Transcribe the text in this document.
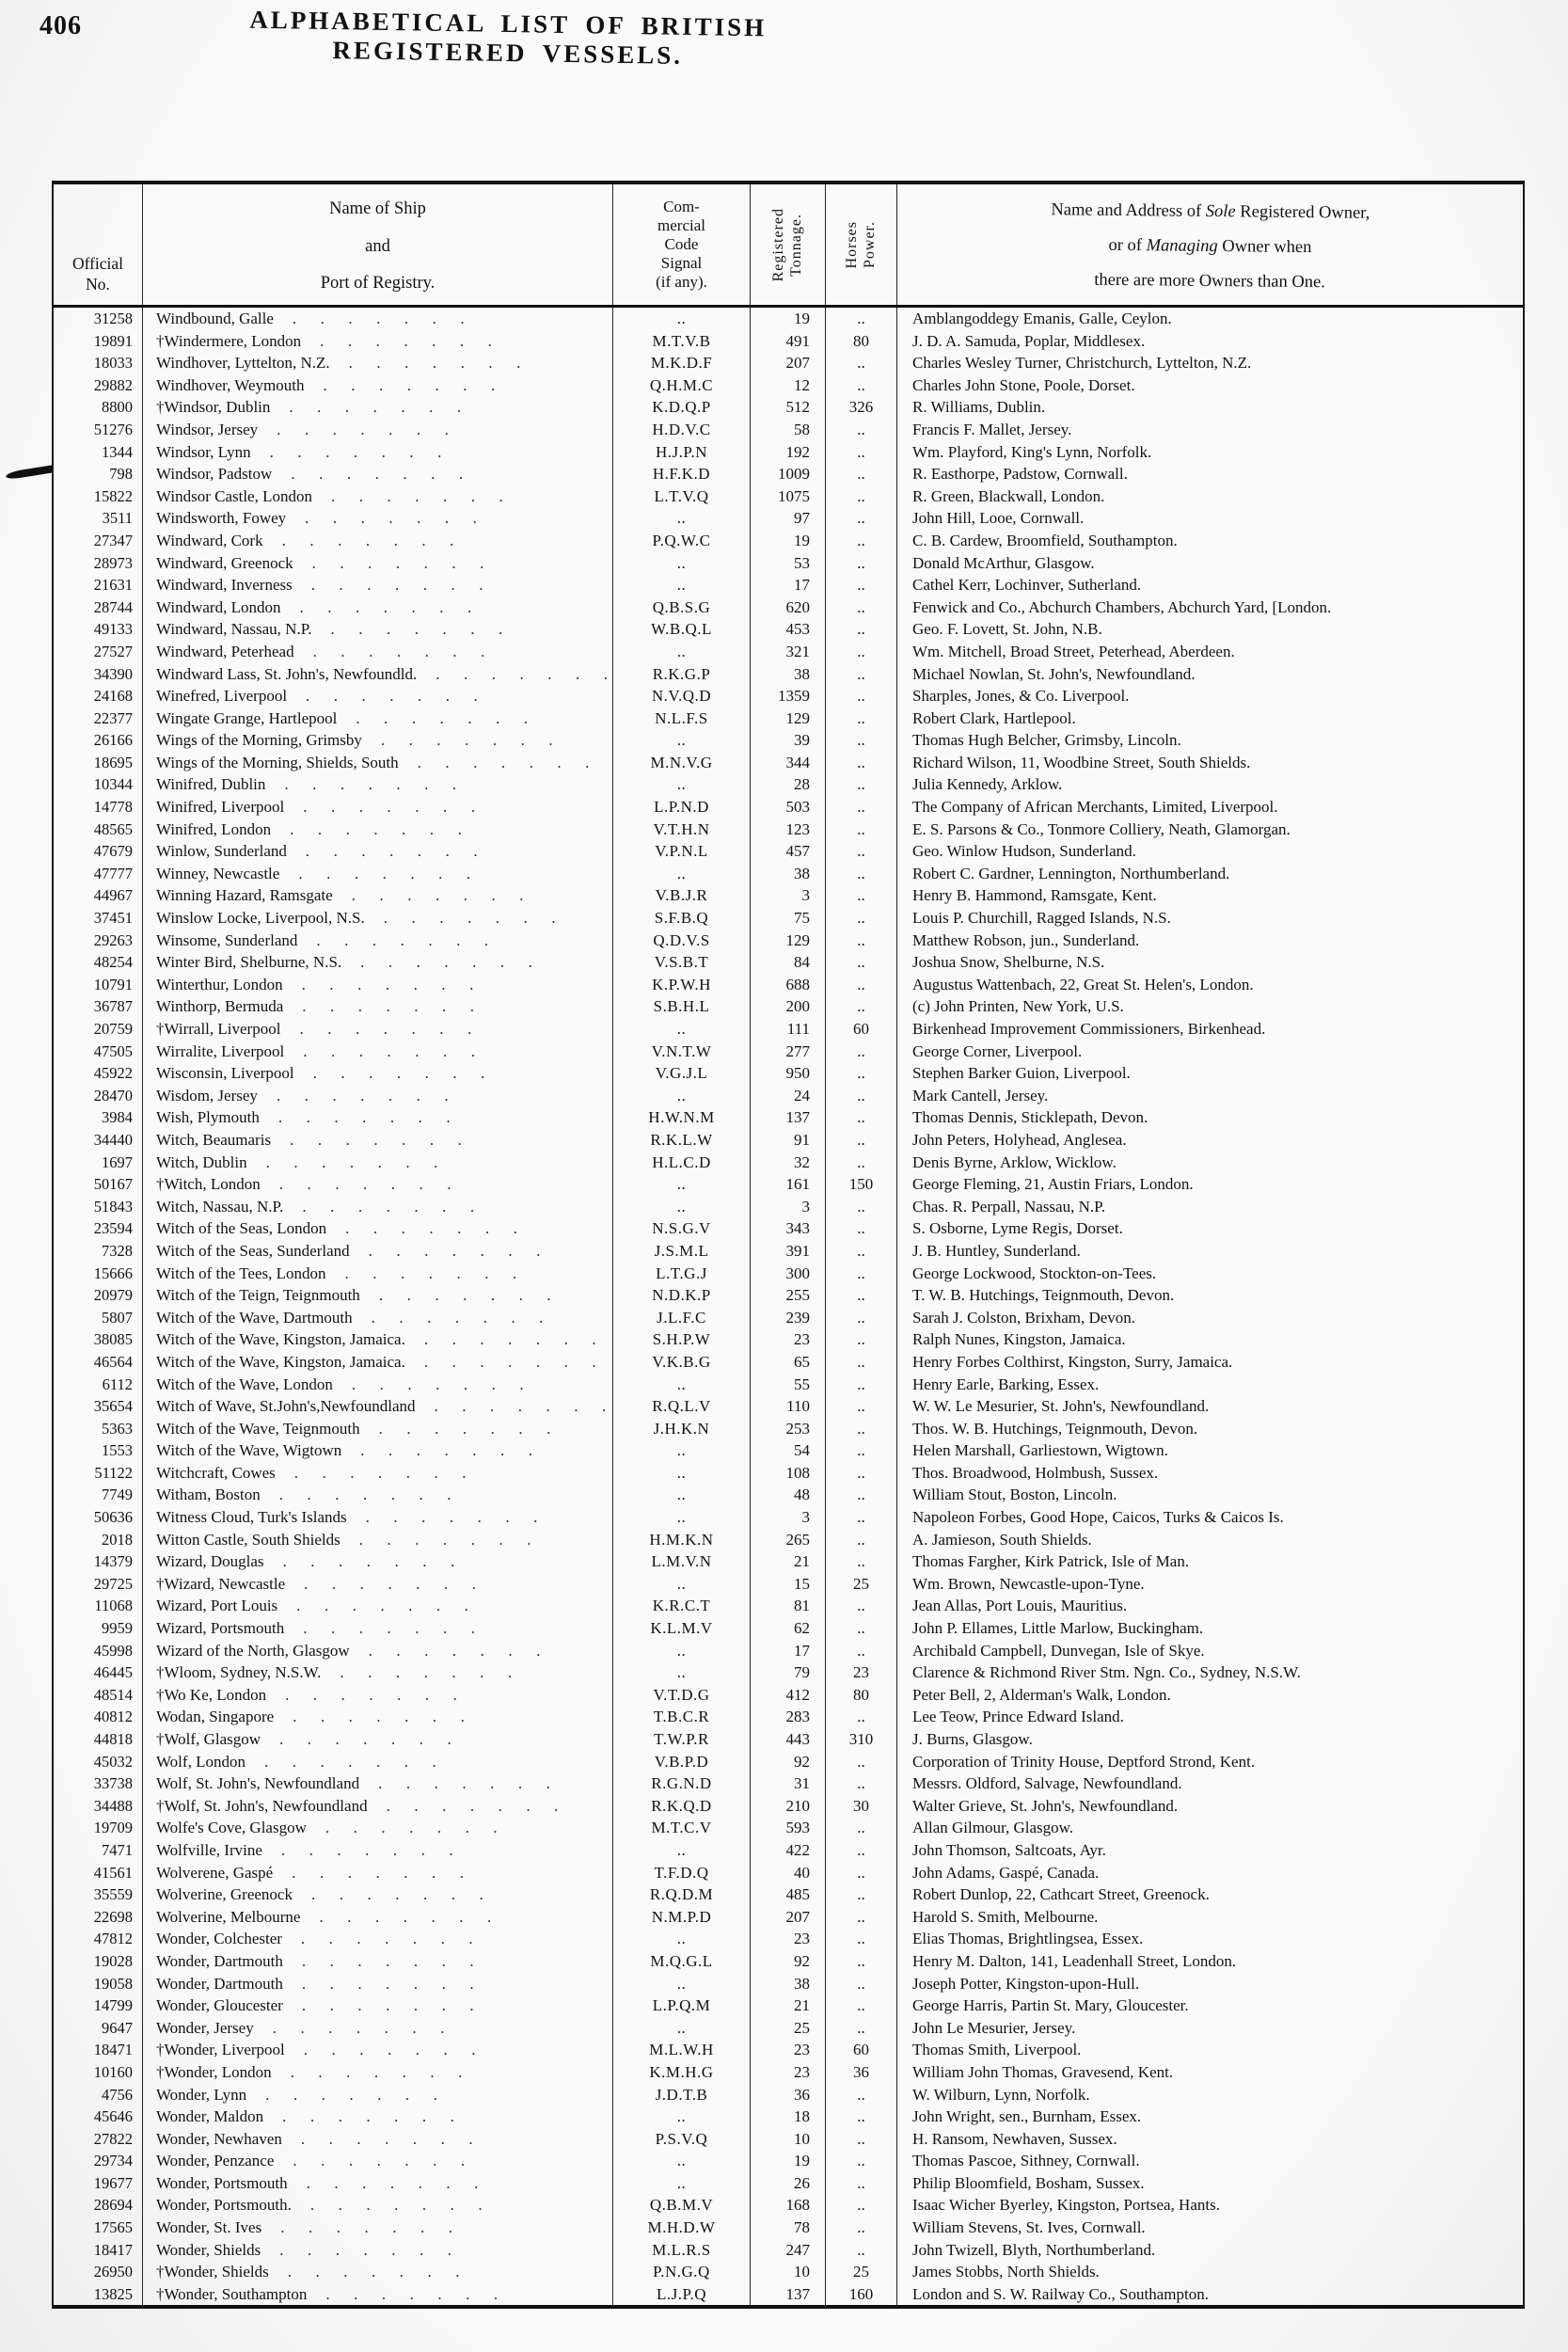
406	ALPHABETICAL LIST OF BRITISH REGISTERED VESSELS.
Official
No.
Name of Ship
and
Port of Registry.
Com-
mercial
Code
Signal
(if any).
Registered Tonnage.	Horses Power.
Name and Address of Sole Registered Owner,
or of Managing Owner when
there are more Owners than One.
31258	Windbound, Galle .	..	19	..	Amblangoddegy Emanis, Galle, Ceylon.
19891	†Windermere, London .	M.T.V.B	491	80	J. D. A. Samuda, Poplar, Middlesex.
18033	Windhover, Lyttelton, N.Z. .	M.K.D.F	207	..	Charles Wesley Turner, Christchurch, Lyttelton, N.Z.
29882	Windhover, Weymouth .	Q.H.M.C	12	..	Charles John Stone, Poole, Dorset.
8800	†Windsor, Dublin .	K.D.Q.P	512	326	R. Williams, Dublin.
51276	Windsor, Jersey .	H.D.V.C	58	..	Francis F. Mallet, Jersey.
1344	Windsor, Lynn .	H.J.P.N	192	..	Wm. Playford, King's Lynn, Norfolk.
798	Windsor, Padstow .	H.F.K.D	1009	..	R. Easthorpe, Padstow, Cornwall.
15822	Windsor Castle, London .	L.T.V.Q	1075	..	R. Green, Blackwall, London.
3511	Windsworth, Fowey .	..	97	..	John Hill, Looe, Cornwall.
27347	Windward, Cork .	P.Q.W.C	19	..	C. B. Cardew, Broomfield, Southampton.
28973	Windward, Greenock .	..	53	..	Donald McArthur, Glasgow.
21631	Windward, Inverness .	..	17	..	Cathel Kerr, Lochinver, Sutherland.
28744	Windward, London .	Q.B.S.G	620	..	Fenwick and Co., Abchurch Chambers, Abchurch Yard, [London.
49133	Windward, Nassau, N.P. .	W.B.Q.L	453	..	Geo. F. Lovett, St. John, N.B.
27527	Windward, Peterhead .	..	321	..	Wm. Mitchell, Broad Street, Peterhead, Aberdeen.
34390	Windward Lass, St. John's, Newfoundld. .	R.K.G.P	38	..	Michael Nowlan, St. John's, Newfoundland.
24168	Winefred, Liverpool .	N.V.Q.D	1359	..	Sharples, Jones, & Co. Liverpool.
22377	Wingate Grange, Hartlepool .	N.L.F.S	129	..	Robert Clark, Hartlepool.
26166	Wings of the Morning, Grimsby .	..	39	..	Thomas Hugh Belcher, Grimsby, Lincoln.
18695	Wings of the Morning, Shields, South .	M.N.V.G	344	..	Richard Wilson, 11, Woodbine Street, South Shields.
10344	Winifred, Dublin .	..	28	..	Julia Kennedy, Arklow.
14778	Winifred, Liverpool .	L.P.N.D	503	..	The Company of African Merchants, Limited, Liverpool.
48565	Winifred, London .	V.T.H.N	123	..	E. S. Parsons & Co., Tonmore Colliery, Neath, Glamorgan.
47679	Winlow, Sunderland .	V.P.N.L	457	..	Geo. Winlow Hudson, Sunderland.
47777	Winney, Newcastle .	..	38	..	Robert C. Gardner, Lennington, Northumberland.
44967	Winning Hazard, Ramsgate .	V.B.J.R	3	..	Henry B. Hammond, Ramsgate, Kent.
37451	Winslow Locke, Liverpool, N.S. .	S.F.B.Q	75	..	Louis P. Churchill, Ragged Islands, N.S.
29263	Winsome, Sunderland .	Q.D.V.S	129	..	Matthew Robson, jun., Sunderland.
48254	Winter Bird, Shelburne, N.S. .	V.S.B.T	84	..	Joshua Snow, Shelburne, N.S.
10791	Winterthur, London .	K.P.W.H	688	..	Augustus Wattenbach, 22, Great St. Helen's, London.
36787	Winthorp, Bermuda .	S.B.H.L	200	..	(c) John Printen, New York, U.S.
20759	†Wirrall, Liverpool .	..	111	60	Birkenhead Improvement Commissioners, Birkenhead.
47505	Wirralite, Liverpool .	V.N.T.W	277	..	George Corner, Liverpool.
45922	Wisconsin, Liverpool .	V.G.J.L	950	..	Stephen Barker Guion, Liverpool.
28470	Wisdom, Jersey .	..	24	..	Mark Cantell, Jersey.
3984	Wish, Plymouth .	H.W.N.M	137	..	Thomas Dennis, Sticklepath, Devon.
34440	Witch, Beaumaris .	R.K.L.W	91	..	John Peters, Holyhead, Anglesea.
1697	Witch, Dublin .	H.L.C.D	32	..	Denis Byrne, Arklow, Wicklow.
50167	†Witch, London .	..	161	150	George Fleming, 21, Austin Friars, London.
51843	Witch, Nassau, N.P. .	..	3	..	Chas. R. Perpall, Nassau, N.P.
23594	Witch of the Seas, London .	N.S.G.V	343	..	S. Osborne, Lyme Regis, Dorset.
7328	Witch of the Seas, Sunderland .	J.S.M.L	391	..	J. B. Huntley, Sunderland.
15666	Witch of the Tees, London .	L.T.G.J	300	..	George Lockwood, Stockton-on-Tees.
20979	Witch of the Teign, Teignmouth .	N.D.K.P	255	..	T. W. B. Hutchings, Teignmouth, Devon.
5807	Witch of the Wave, Dartmouth .	J.L.F.C	239	..	Sarah J. Colston, Brixham, Devon.
38085	Witch of the Wave, Kingston, Jamaica. .	S.H.P.W	23	..	Ralph Nunes, Kingston, Jamaica.
46564	Witch of the Wave, Kingston, Jamaica. .	V.K.B.G	65	..	Henry Forbes Colthirst, Kingston, Surry, Jamaica.
6112	Witch of the Wave, London .	..	55	..	Henry Earle, Barking, Essex.
35654	Witch of Wave, St.John's,Newfoundland .	R.Q.L.V	110	..	W. W. Le Mesurier, St. John's, Newfoundland.
5363	Witch of the Wave, Teignmouth .	J.H.K.N	253	..	Thos. W. B. Hutchings, Teignmouth, Devon.
1553	Witch of the Wave, Wigtown .	..	54	..	Helen Marshall, Garliestown, Wigtown.
51122	Witchcraft, Cowes .	..	108	..	Thos. Broadwood, Holmbush, Sussex.
7749	Witham, Boston .	..	48	..	William Stout, Boston, Lincoln.
50636	Witness Cloud, Turk's Islands .	..	3	..	Napoleon Forbes, Good Hope, Caicos, Turks & Caicos Is.
2018	Witton Castle, South Shields .	H.M.K.N	265	..	A. Jamieson, South Shields.
14379	Wizard, Douglas .	L.M.V.N	21	..	Thomas Fargher, Kirk Patrick, Isle of Man.
29725	†Wizard, Newcastle .	..	15	25	Wm. Brown, Newcastle-upon-Tyne.
11068	Wizard, Port Louis .	K.R.C.T	81	..	Jean Allas, Port Louis, Mauritius.
9959	Wizard, Portsmouth .	K.L.M.V	62	..	John P. Ellames, Little Marlow, Buckingham.
45998	Wizard of the North, Glasgow .	..	17	..	Archibald Campbell, Dunvegan, Isle of Skye.
46445	†Wloom, Sydney, N.S.W. .	..	79	23	Clarence & Richmond River Stm. Ngn. Co., Sydney, N.S.W.
48514	†Wo Ke, London .	V.T.D.G	412	80	Peter Bell, 2, Alderman's Walk, London.
40812	Wodan, Singapore .	T.B.C.R	283	..	Lee Teow, Prince Edward Island.
44818	†Wolf, Glasgow .	T.W.P.R	443	310	J. Burns, Glasgow.
45032	Wolf, London .	V.B.P.D	92	..	Corporation of Trinity House, Deptford Strond, Kent.
33738	Wolf, St. John's, Newfoundland .	R.G.N.D	31	..	Messrs. Oldford, Salvage, Newfoundland.
34488	†Wolf, St. John's, Newfoundland .	R.K.Q.D	210	30	Walter Grieve, St. John's, Newfoundland.
19709	Wolfe's Cove, Glasgow .	M.T.C.V	593	..	Allan Gilmour, Glasgow.
7471	Wolfville, Irvine .	..	422	..	John Thomson, Saltcoats, Ayr.
41561	Wolverene, Gaspé .	T.F.D.Q	40	..	John Adams, Gaspé, Canada.
35559	Wolverine, Greenock .	R.Q.D.M	485	..	Robert Dunlop, 22, Cathcart Street, Greenock.
22698	Wolverine, Melbourne .	N.M.P.D	207	..	Harold S. Smith, Melbourne.
47812	Wonder, Colchester .	..	23	..	Elias Thomas, Brightlingsea, Essex.
19028	Wonder, Dartmouth .	M.Q.G.L	92	..	Henry M. Dalton, 141, Leadenhall Street, London.
19058	Wonder, Dartmouth .	..	38	..	Joseph Potter, Kingston-upon-Hull.
14799	Wonder, Gloucester .	L.P.Q.M	21	..	George Harris, Partin St. Mary, Gloucester.
9647	Wonder, Jersey .	..	25	..	John Le Mesurier, Jersey.
18471	†Wonder, Liverpool .	M.L.W.H	23	60	Thomas Smith, Liverpool.
10160	†Wonder, London .	K.M.H.G	23	36	William John Thomas, Gravesend, Kent.
4756	Wonder, Lynn .	J.D.T.B	36	..	W. Wilburn, Lynn, Norfolk.
45646	Wonder, Maldon .	..	18	..	John Wright, sen., Burnham, Essex.
27822	Wonder, Newhaven .	P.S.V.Q	10	..	H. Ransom, Newhaven, Sussex.
29734	Wonder, Penzance .	..	19	..	Thomas Pascoe, Sithney, Cornwall.
19677	Wonder, Portsmouth .	..	26	..	Philip Bloomfield, Bosham, Sussex.
28694	Wonder, Portsmouth. .	Q.B.M.V	168	..	Isaac Wicher Byerley, Kingston, Portsea, Hants.
17565	Wonder, St. Ives .	M.H.D.W	78	..	William Stevens, St. Ives, Cornwall.
18417	Wonder, Shields .	M.L.R.S	247	..	John Twizell, Blyth, Northumberland.
26950	†Wonder, Shields .	P.N.G.Q	10	25	James Stobbs, North Shields.
13825	†Wonder, Southampton .	L.J.P.Q	137	160	London and S. W. Railway Co., Southampton.
